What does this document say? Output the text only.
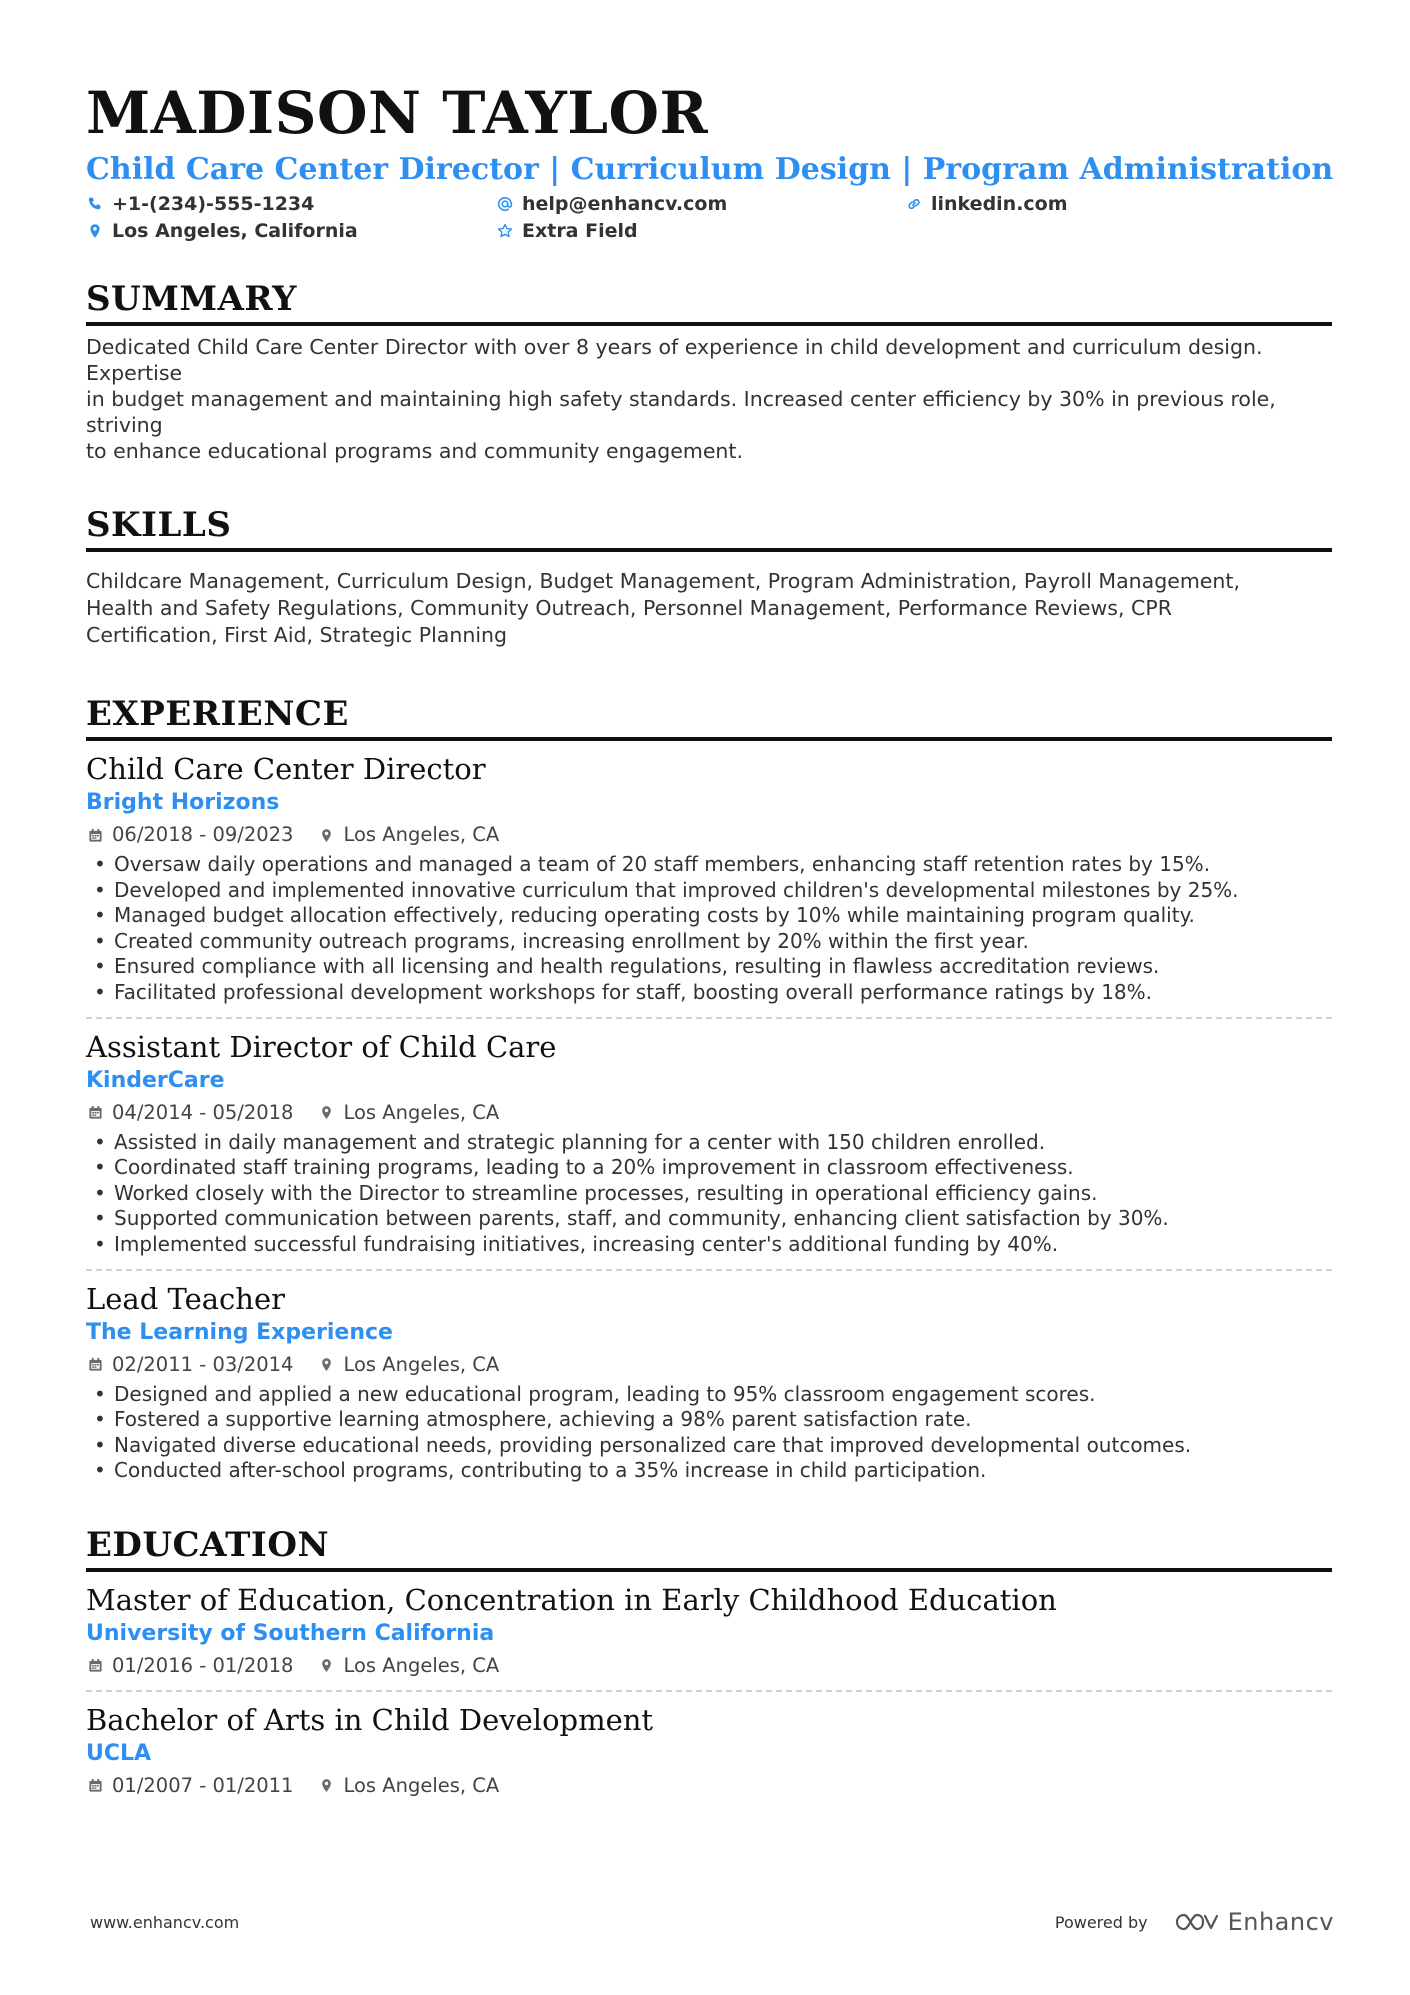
MADISON TAYLOR
Child Care Center Director | Curriculum Design | Program Administration
+1-(234)-555-1234	help@enhancv.com	linkedin.com
Los Angeles, California	Extra Field
SUMMARY
Dedicated Child Care Center Director with over 8 years of experience in child development and curriculum design. Expertise
in budget management and maintaining high safety standards. Increased center efficiency by 30% in previous role, striving
to enhance educational programs and community engagement.
SKILLS
Childcare Management, Curriculum Design, Budget Management, Program Administration, Payroll Management,
Health and Safety Regulations, Community Outreach, Personnel Management, Performance Reviews, CPR
Certification, First Aid, Strategic Planning
EXPERIENCE
Child Care Center Director
Bright Horizons
06/2018 - 09/2023	Los Angeles, CA
• Oversaw daily operations and managed a team of 20 staff members, enhancing staff retention rates by 15%.
• Developed and implemented innovative curriculum that improved children's developmental milestones by 25%.
• Managed budget allocation effectively, reducing operating costs by 10% while maintaining program quality.
• Created community outreach programs, increasing enrollment by 20% within the first year.
• Ensured compliance with all licensing and health regulations, resulting in flawless accreditation reviews.
• Facilitated professional development workshops for staff, boosting overall performance ratings by 18%.
Assistant Director of Child Care
KinderCare
04/2014 - 05/2018	Los Angeles, CA
• Assisted in daily management and strategic planning for a center with 150 children enrolled.
• Coordinated staff training programs, leading to a 20% improvement in classroom effectiveness.
• Worked closely with the Director to streamline processes, resulting in operational efficiency gains.
• Supported communication between parents, staff, and community, enhancing client satisfaction by 30%.
• Implemented successful fundraising initiatives, increasing center's additional funding by 40%.
Lead Teacher
The Learning Experience
02/2011 - 03/2014	Los Angeles, CA
• Designed and applied a new educational program, leading to 95% classroom engagement scores.
• Fostered a supportive learning atmosphere, achieving a 98% parent satisfaction rate.
• Navigated diverse educational needs, providing personalized care that improved developmental outcomes.
• Conducted after-school programs, contributing to a 35% increase in child participation.
EDUCATION
Master of Education, Concentration in Early Childhood Education
University of Southern California
01/2016 - 01/2018	Los Angeles, CA
Bachelor of Arts in Child Development
UCLA
01/2007 - 01/2011	Los Angeles, CA
www.enhancv.com	Powered by	Enhancv
